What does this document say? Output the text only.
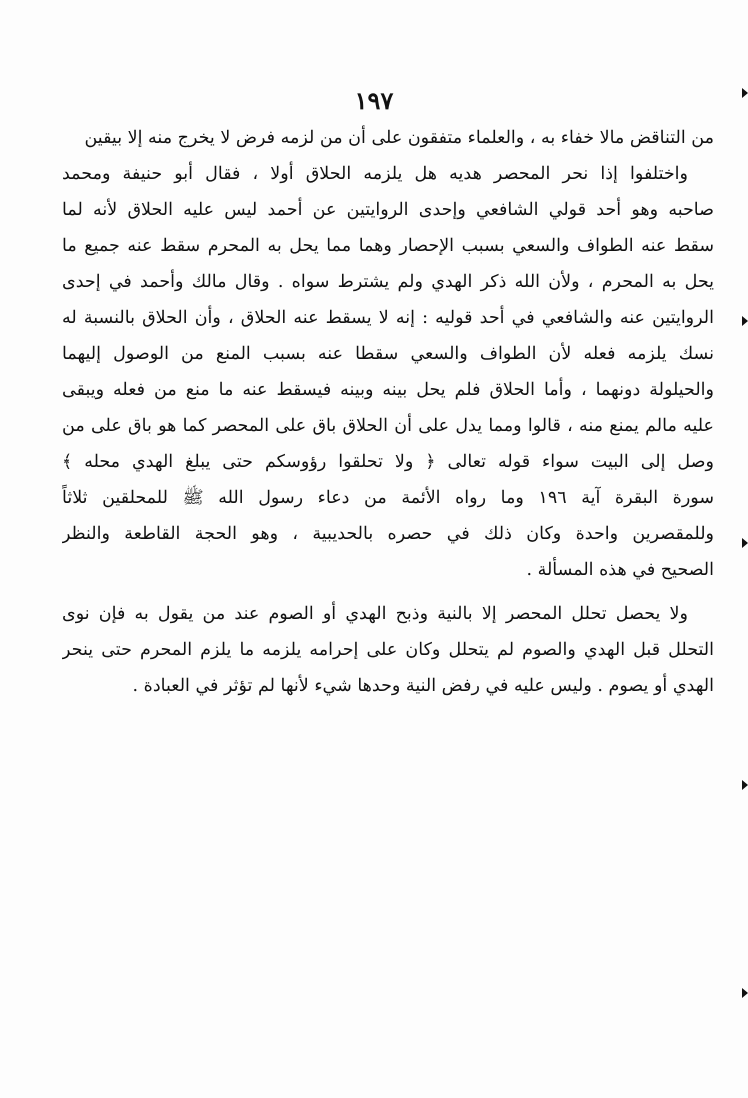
١٩٧
من التناقض مالا خفاء به ، والعلماء متفقون على أن من لزمه فرض لا يخرج منه إلا بيقين
واختلفوا إذا نحر المحصر هديه هل يلزمه الحلاق أولا ، فقال أبو حنيفة ومحمد
صاحبه وهو أحد قولي الشافعي وإحدى الروايتين عن أحمد ليس عليه الحلاق لأنه لما
سقط عنه الطواف والسعي بسبب الإحصار وهما مما يحل به المحرم سقط عنه جميع ما
يحل به المحرم ، ولأن الله ذكر الهدي ولم يشترط سواه . وقال مالك وأحمد في إحدى
الروايتين عنه والشافعي في أحد قوليه : إنه لا يسقط عنه الحلاق ، وأن الحلاق بالنسبة له
نسك يلزمه فعله لأن الطواف والسعي سقطا عنه بسبب المنع من الوصول إليهما
والحيلولة دونهما ، وأما الحلاق فلم يحل بينه وبينه فيسقط عنه ما منع من فعله ويبقى
عليه مالم يمنع منه ، قالوا ومما يدل على أن الحلاق باق على المحصر كما هو باق على من
وصل إلى البيت سواء قوله تعالى ﴿ ولا تحلقوا رؤوسكم حتى يبلغ الهدي محله ﴾
سورة البقرة آية ١٩٦ وما رواه الأئمة من دعاء رسول الله ﷺ للمحلقين ثلاثاً
وللمقصرين واحدة وكان ذلك في حصره بالحديبية ، وهو الحجة القاطعة والنظر
الصحيح في هذه المسألة .
ولا يحصل تحلل المحصر إلا بالنية وذبح الهدي أو الصوم عند من يقول به فإن نوى
التحلل قبل الهدي والصوم لم يتحلل وكان على إحرامه يلزمه ما يلزم المحرم حتى ينحر
الهدي أو يصوم . وليس عليه في رفض النية وحدها شيء لأنها لم تؤثر في العبادة .
